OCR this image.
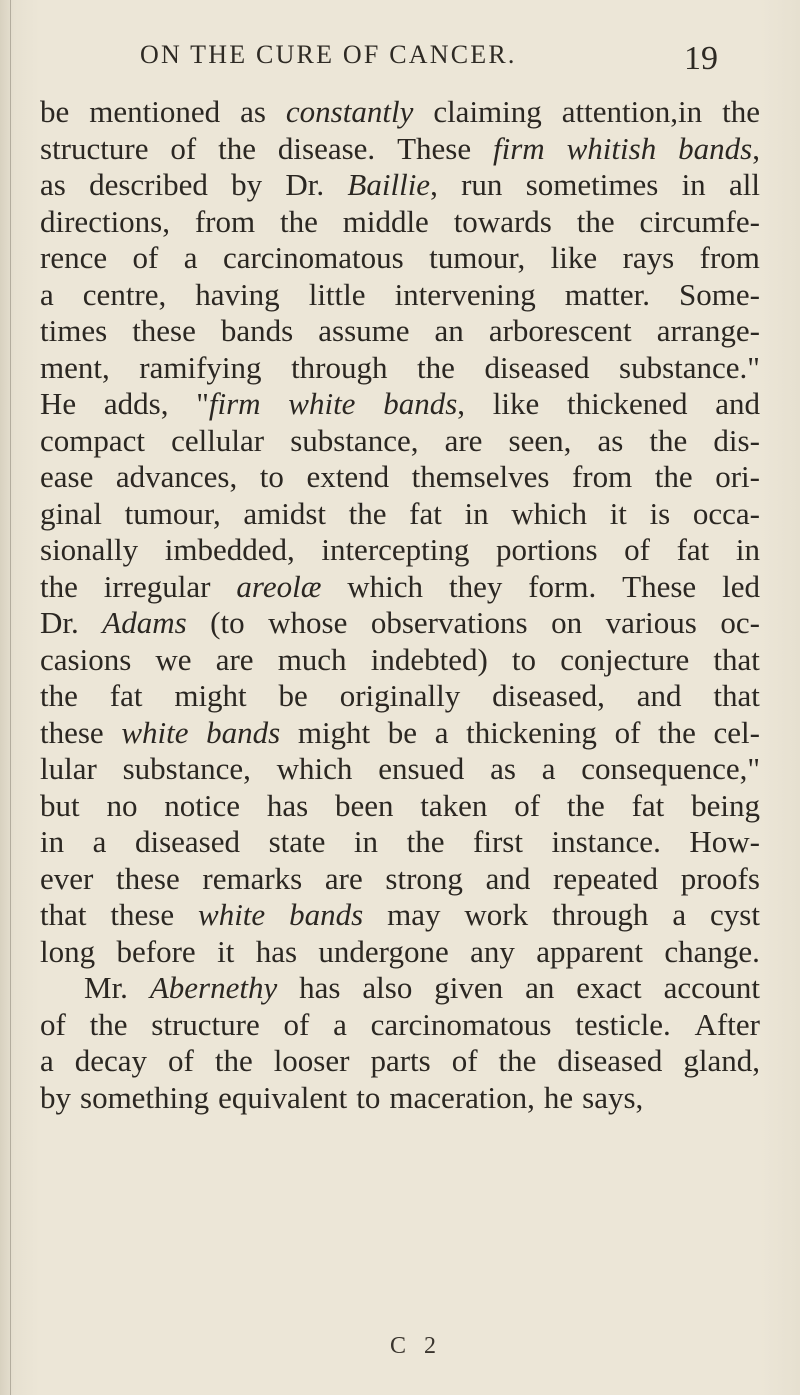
ON THE CURE OF CANCER.	19
be mentioned as constantly claiming attention,in the
structure of the disease. These firm whitish bands,
as described by Dr. Baillie, run sometimes in all
directions, from the middle towards the circumfe-
rence of a carcinomatous tumour, like rays from
a centre, having little intervening matter. Some-
times these bands assume an arborescent arrange-
ment, ramifying through the diseased substance."
He adds, "firm white bands, like thickened and
compact cellular substance, are seen, as the dis-
ease advances, to extend themselves from the ori-
ginal tumour, amidst the fat in which it is occa-
sionally imbedded, intercepting portions of fat in
the irregular areolæ which they form. These led
Dr. Adams (to whose observations on various oc-
casions we are much indebted) to conjecture that
the fat might be originally diseased, and that
these white bands might be a thickening of the cel-
lular substance, which ensued as a consequence,"
but no notice has been taken of the fat being
in a diseased state in the first instance. How-
ever these remarks are strong and repeated proofs
that these white bands may work through a cyst
long before it has undergone any apparent change.
Mr. Abernethy has also given an exact account
of the structure of a carcinomatous testicle. After
a decay of the looser parts of the diseased gland,
by something equivalent to maceration, he says,
C 2
